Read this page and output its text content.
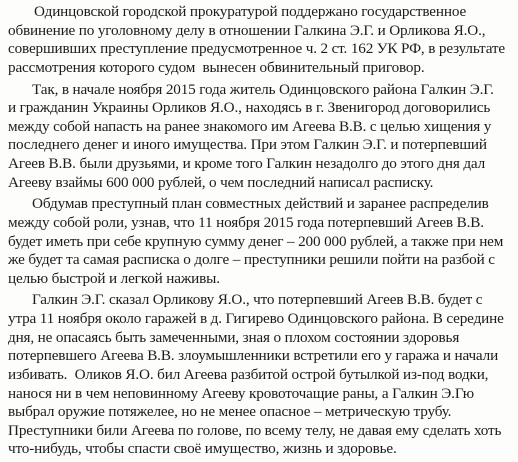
Одинцовской городской прокуратурой поддержано государственное
обвинение по уголовному делу в отношении Галкина Э.Г. и Орликова Я.О.,
совершивших преступление предусмотренное ч. 2 ст. 162 УК РФ, в результате
рассмотрения которого судом  вынесен обвинительный приговор.
Так, в начале ноября 2015 года житель Одинцовского района Галкин Э.Г.
и гражданин Украины Орликов Я.О., находясь в г. Звенигород договорились
между собой напасть на ранее знакомого им Агеева В.В. с целью хищения у
последнего денег и иного имущества. При этом Галкин Э.Г. и потерпевший
Агеев В.В. были друзьями, и кроме того Галкин незадолго до этого дня дал
Агееву взаймы 600 000 рублей, о чем последний написал расписку.
Обдумав преступный план совместных действий и заранее распределив
между собой роли, узнав, что 11 ноября 2015 года потерпевший Агеев В.В.
будет иметь при себе крупную сумму денег – 200 000 рублей, а также при нем
же будет та самая расписка о долге – преступники решили пойти на разбой с
целью быстрой и легкой наживы.
Галкин Э.Г. сказал Орликову Я.О., что потерпевший Агеев В.В. будет с
утра 11 ноября около гаражей в д. Гигирево Одинцовского района. В середине
дня, не опасаясь быть замеченными, зная о плохом состоянии здоровья
потерпевшего Агеева В.В. злоумышленники встретили его у гаража и начали
избивать.  Оликов Я.О. бил Агеева разбитой острой бутылкой из-под водки,
нанося ни в чем неповинному Агееву кровоточащие раны, а Галкин Э.Гю
выбрал оружие потяжелее, но не менее опасное – метрическую трубу.
Преступники били Агеева по голове, по всему телу, не давая ему сделать хоть
что-нибудь, чтобы спасти своё имущество, жизнь и здоровье.
